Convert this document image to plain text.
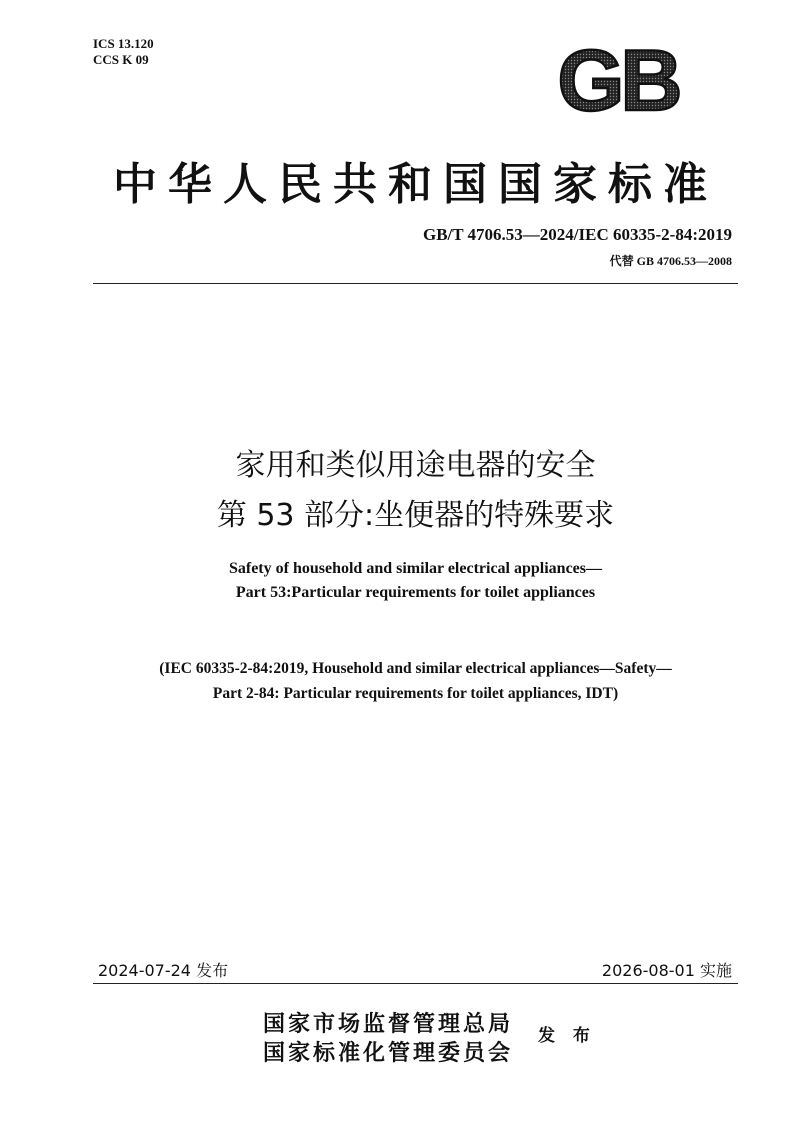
ICS 13.120
CCS K 09	GB
中华人民共和国国家标准
GB/T 4706.53—2024/IEC 60335-2-84:2019
代替 GB 4706.53—2008
家用和类似用途电器的安全
第 53 部分:坐便器的特殊要求
Safety of household and similar electrical appliances—
Part 53:Particular requirements for toilet appliances
(IEC 60335-2-84:2019, Household and similar electrical appliances—Safety—
Part 2-84: Particular requirements for toilet appliances, IDT)
2024-07-24 发布	2026-08-01 实施
国家市场监督管理总局
国家标准化管理委员会
发 布
